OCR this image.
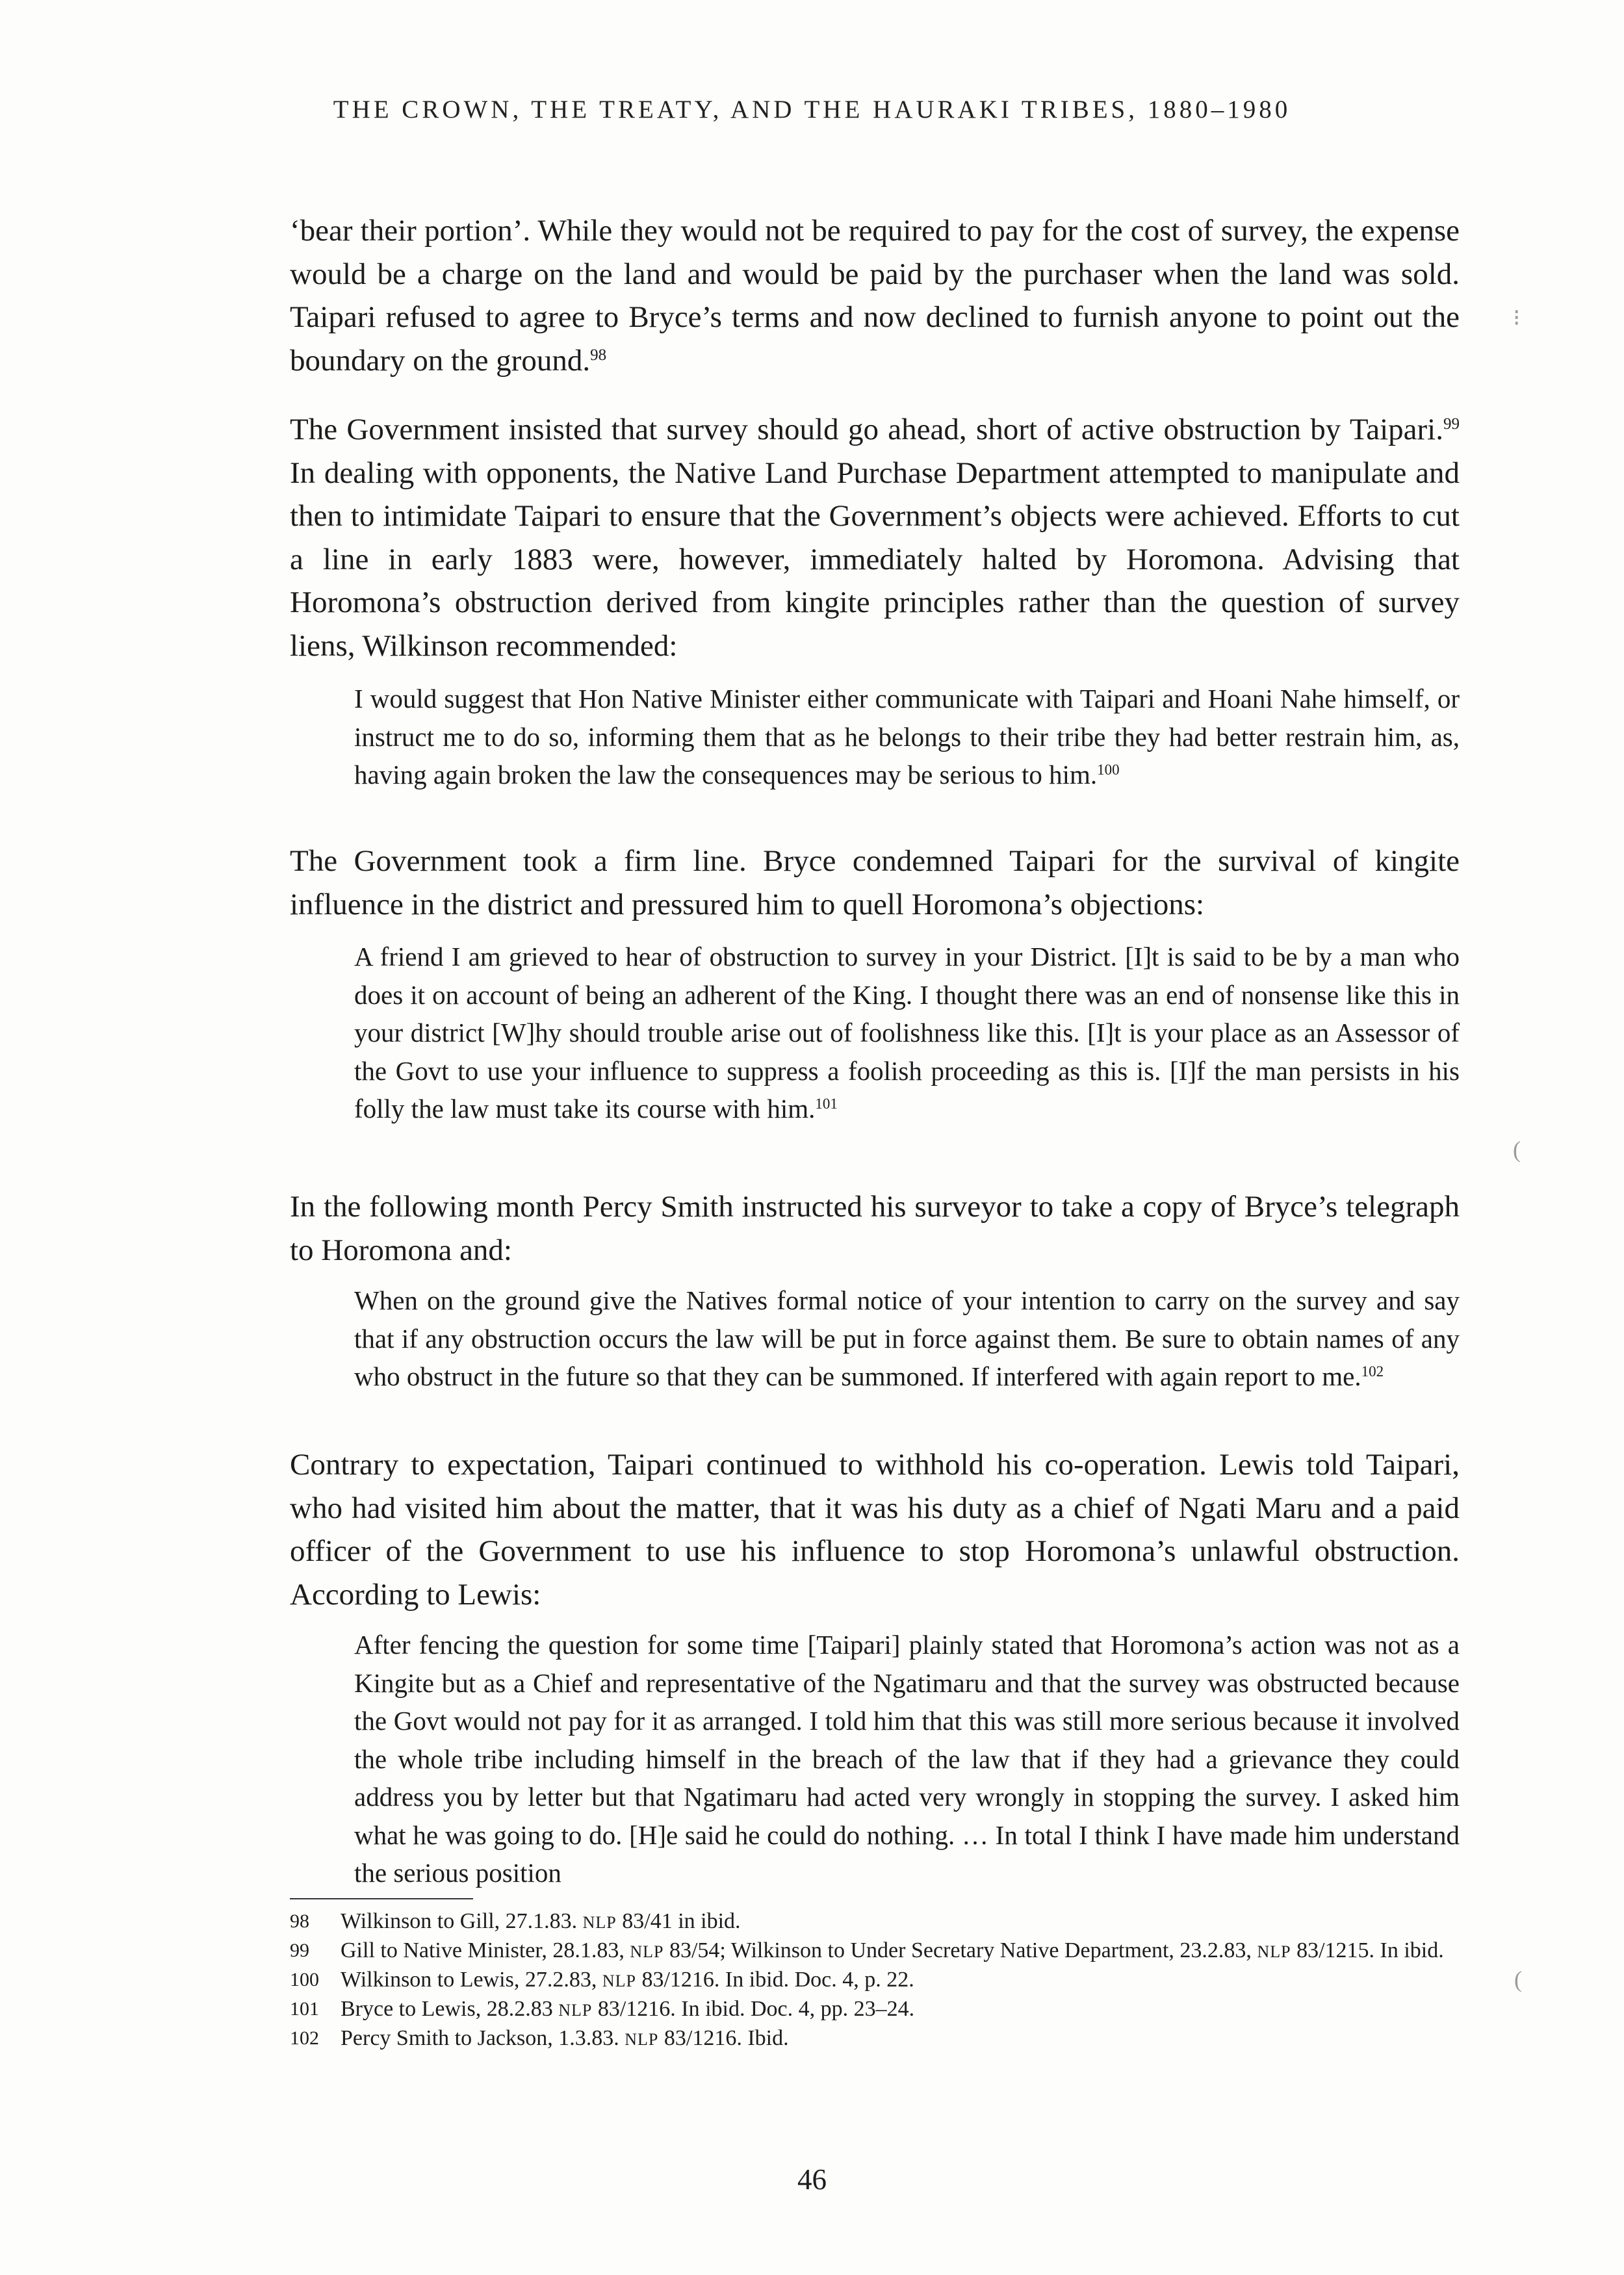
THE CROWN, THE TREATY, AND THE HAURAKI TRIBES, 1880–1980

‘bear their portion’. While they would not be required to pay for the cost of survey, the expense would be a charge on the land and would be paid by the purchaser when the land was sold. Taipari refused to agree to Bryce’s terms and now declined to furnish anyone to point out the boundary on the ground.$^{98}$

The Government insisted that survey should go ahead, short of active obstruction by Taipari.$^{99}$ In dealing with opponents, the Native Land Purchase Department attempted to manipulate and then to intimidate Taipari to ensure that the Government’s objects were achieved. Efforts to cut a line in early 1883 were, however, immediately halted by Horomona. Advising that Horomona’s obstruction derived from kingite principles rather than the question of survey liens, Wilkinson recommended:

I would suggest that Hon Native Minister either communicate with Taipari and Hoani Nahe himself, or instruct me to do so, informing them that as he belongs to their tribe they had better restrain him, as, having again broken the law the consequences may be serious to him.$^{100}$

The Government took a firm line. Bryce condemned Taipari for the survival of kingite influence in the district and pressured him to quell Horomona’s objections:

A friend I am grieved to hear of obstruction to survey in your District. [I]t is said to be by a man who does it on account of being an adherent of the King. I thought there was an end of nonsense like this in your district [W]hy should trouble arise out of foolishness like this. [I]t is your place as an Assessor of the Govt to use your influence to suppress a foolish proceeding as this is. [I]f the man persists in his folly the law must take its course with him.$^{101}$

In the following month Percy Smith instructed his surveyor to take a copy of Bryce’s telegraph to Horomona and:

When on the ground give the Natives formal notice of your intention to carry on the survey and say that if any obstruction occurs the law will be put in force against them. Be sure to obtain names of any who obstruct in the future so that they can be summoned. If interfered with again report to me.$^{102}$

Contrary to expectation, Taipari continued to withhold his co-operation. Lewis told Taipari, who had visited him about the matter, that it was his duty as a chief of Ngati Maru and a paid officer of the Government to use his influence to stop Horomona’s unlawful obstruction. According to Lewis:

After fencing the question for some time [Taipari] plainly stated that Horomona’s action was not as a Kingite but as a Chief and representative of the Ngatimaru and that the survey was obstructed because the Govt would not pay for it as arranged. I told him that this was still more serious because it involved the whole tribe including himself in the breach of the law that if they had a grievance they could address you by letter but that Ngatimaru had acted very wrongly in stopping the survey. I asked him what he was going to do. [H]e said he could do nothing. … In total I think I have made him understand the serious position

98	Wilkinson to Gill, 27.1.83. NLP 83/41 in ibid.
99	Gill to Native Minister, 28.1.83, NLP 83/54; Wilkinson to Under Secretary Native Department, 23.2.83, NLP 83/1215. In ibid.
100 Wilkinson to Lewis, 27.2.83, NLP 83/1216. In ibid. Doc. 4, p. 22.
101 Bryce to Lewis, 28.2.83 NLP 83/1216. In ibid. Doc. 4, pp. 23–24.
102 Percy Smith to Jackson, 1.3.83. NLP 83/1216. Ibid.
46
⁝
(
(
